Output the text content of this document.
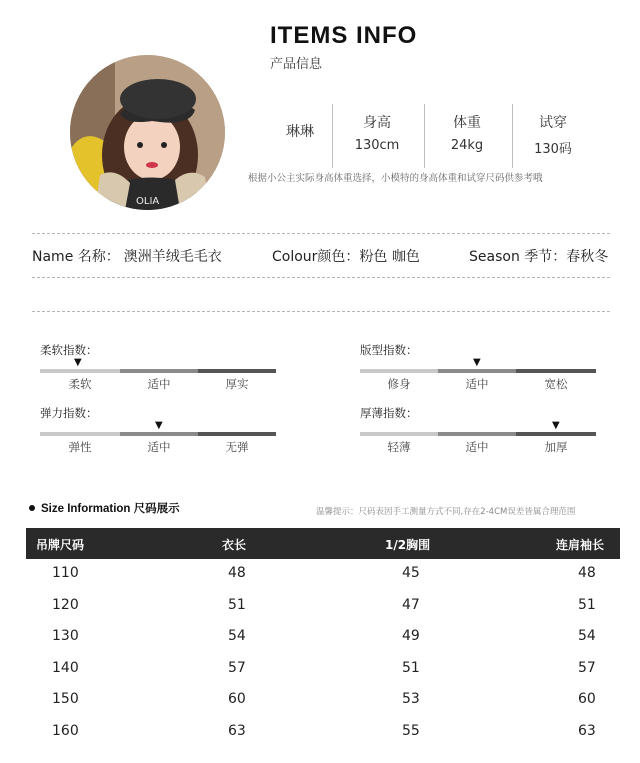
ITEMS INFO
产品信息
OLIA
琳琳
身高
130cm
体重
24kg
试穿
130码
根据小公主实际身高体重选择，小模特的身高体重和试穿尺码供参考哦
Name 名称： 澳洲羊绒毛毛衣	Colour颜色：粉色 咖色	Season 季节：春秋冬
柔软指数：
▼
柔软	适中	厚实
弹力指数：
▼
弹性	适中	无弹
版型指数：
▼
修身	适中	宽松
厚薄指数：
▼
轻薄	适中	加厚
Size Information 尺码展示	温馨提示：尺码表因手工测量方式不同,存在2-4CM误差皆属合理范围
吊牌尺码	衣长	1/2胸围	连肩袖长
110	48	45	48
120	51	47	51
130	54	49	54
140	57	51	57
150	60	53	60
160	63	55	63
